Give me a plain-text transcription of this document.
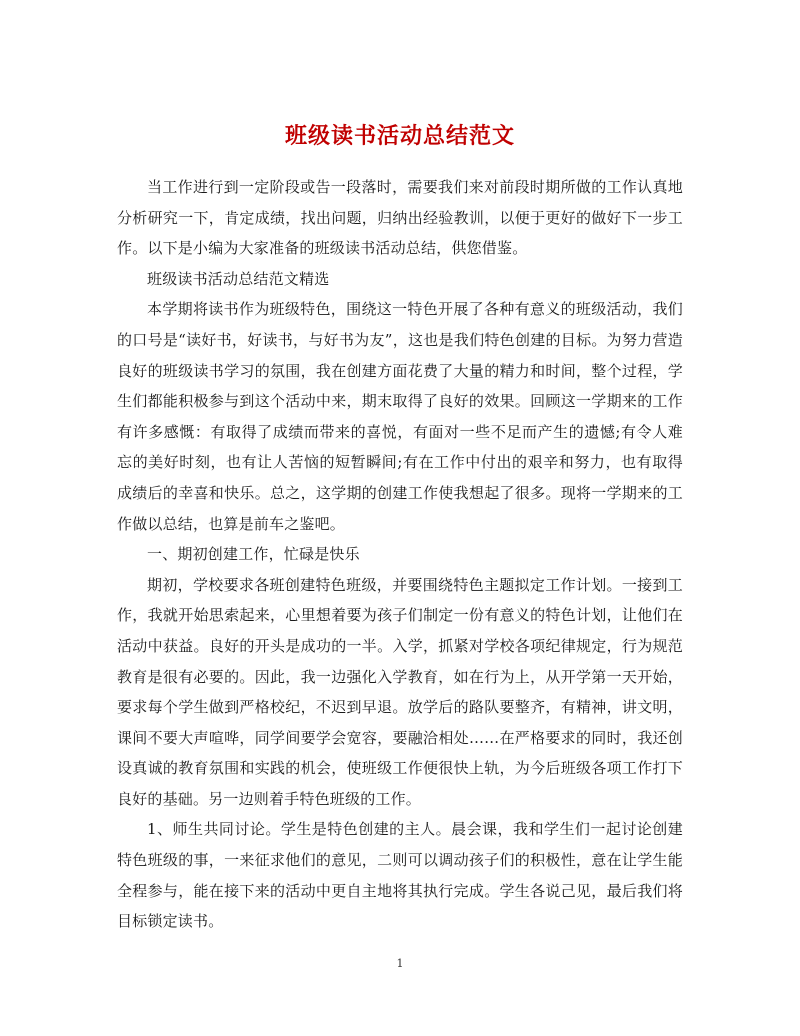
班级读书活动总结范文

当工作进行到一定阶段或告一段落时，需要我们来对前段时期所做的工作认真地分析研究一下，肯定成绩，找出问题，归纳出经验教训，以便于更好的做好下一步工作。以下是小编为大家准备的班级读书活动总结，供您借鉴。

班级读书活动总结范文精选

本学期将读书作为班级特色，围绕这一特色开展了各种有意义的班级活动，我们的口号是“读好书，好读书，与好书为友”，这也是我们特色创建的目标。为努力营造良好的班级读书学习的氛围，我在创建方面花费了大量的精力和时间，整个过程，学生们都能积极参与到这个活动中来，期末取得了良好的效果。回顾这一学期来的工作有许多感慨：有取得了成绩而带来的喜悦，有面对一些不足而产生的遗憾;有令人难忘的美好时刻，也有让人苦恼的短暂瞬间;有在工作中付出的艰辛和努力，也有取得成绩后的幸喜和快乐。总之，这学期的创建工作使我想起了很多。现将一学期来的工作做以总结，也算是前车之鉴吧。

一、期初创建工作，忙碌是快乐

期初，学校要求各班创建特色班级，并要围绕特色主题拟定工作计划。一接到工作，我就开始思索起来，心里想着要为孩子们制定一份有意义的特色计划，让他们在活动中获益。良好的开头是成功的一半。入学，抓紧对学校各项纪律规定，行为规范教育是很有必要的。因此，我一边强化入学教育，如在行为上，从开学第一天开始，要求每个学生做到严格校纪，不迟到早退。放学后的路队要整齐，有精神，讲文明，课间不要大声喧哗，同学间要学会宽容，要融洽相处……在严格要求的同时，我还创设真诚的教育氛围和实践的机会，使班级工作便很快上轨，为今后班级各项工作打下良好的基础。另一边则着手特色班级的工作。

1、师生共同讨论。学生是特色创建的主人。晨会课，我和学生们一起讨论创建特色班级的事，一来征求他们的意见，二则可以调动孩子们的积极性，意在让学生能全程参与，能在接下来的活动中更自主地将其执行完成。学生各说己见，最后我们将目标锁定读书。

1
